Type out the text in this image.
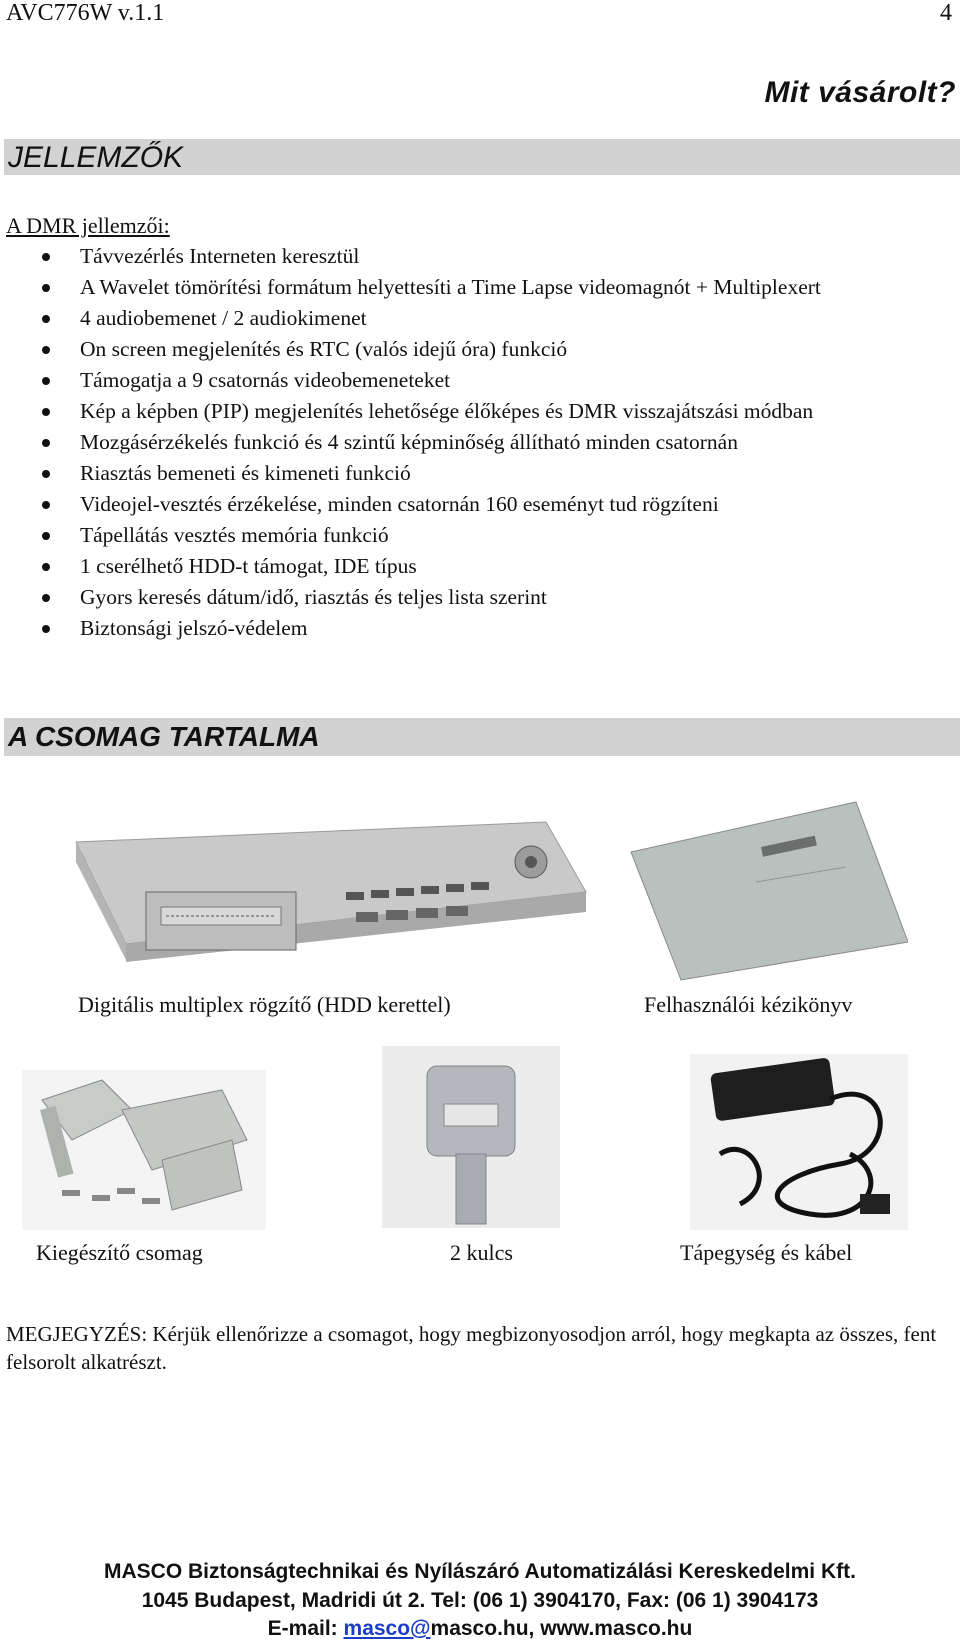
AVC776W v.1.1	4
Mit vásárolt?
JELLEMZŐK
A DMR jellemzői:
Távvezérlés Interneten keresztül
A Wavelet tömörítési formátum helyettesíti a Time Lapse videomagnót + Multiplexert
4 audiobemenet / 2 audiokimenet
On screen megjelenítés és RTC (valós idejű óra) funkció
Támogatja a 9 csatornás videobemeneteket
Kép a képben (PIP) megjelenítés lehetősége élőképes és DMR visszajátszási módban
Mozgásérzékelés funkció és 4 szintű képminőség állítható minden csatornán
Riasztás bemeneti és kimeneti funkció
Videojel-vesztés érzékelése, minden csatornán 160 eseményt tud rögzíteni
Tápellátás vesztés memória funkció
1 cserélhető HDD-t támogat, IDE típus
Gyors keresés dátum/idő, riasztás és teljes lista szerint
Biztonsági jelszó-védelem
A CSOMAG TARTALMA
Digitális multiplex rögzítő (HDD kerettel)	Felhasználói kézikönyv
Kiegészítő csomag	2 kulcs	Tápegység és kábel
MEGJEGYZÉS: Kérjük ellenőrizze a csomagot, hogy megbizonyosodjon arról, hogy megkapta az összes, fent felsorolt alkatrészt.
MASCO Biztonságtechnikai és Nyílászáró Automatizálási Kereskedelmi Kft.
1045 Budapest, Madridi út 2. Tel: (06 1) 3904170, Fax: (06 1) 3904173
E-mail: masco@masco.hu, www.masco.hu
